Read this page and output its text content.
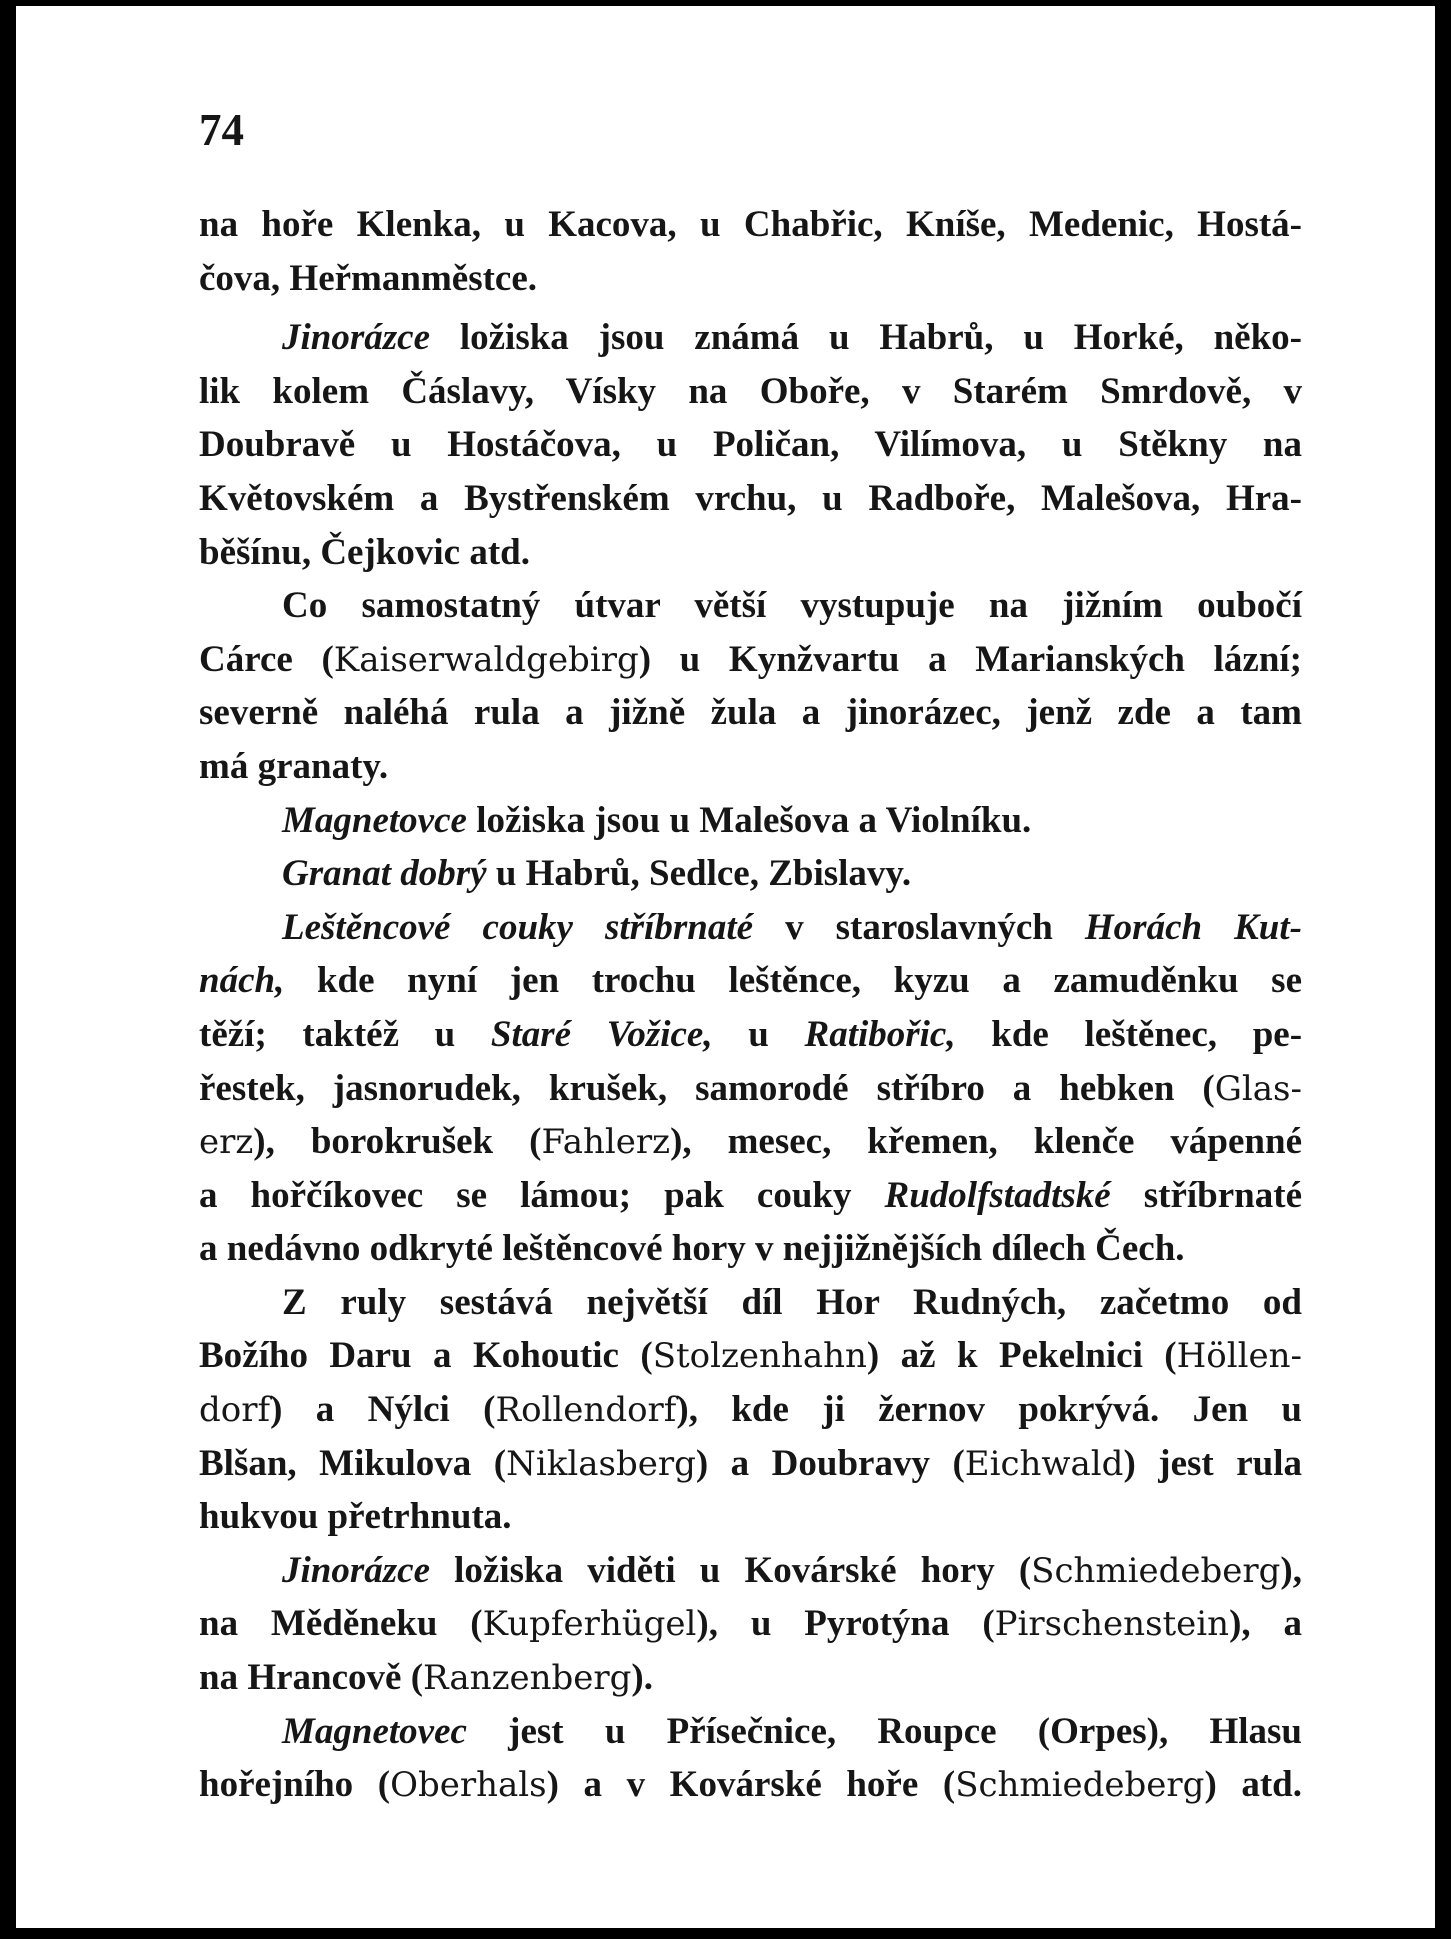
74
na hoře Klenka, u Kacova, u Chabřic, Kníše, Medenic, Hostá-
čova, Heřmanměstce.
Jinorázce ložiska jsou známá u Habrů, u Horké, něko-
lik kolem Čáslavy, Vísky na Oboře, v Starém Smrdově, v
Doubravě u Hostáčova, u Poličan, Vilímova, u Stěkny na
Květovském a Bystřenském vrchu, u Radboře, Malešova, Hra-
běšínu, Čejkovic atd.
Co samostatný útvar větší vystupuje na jižním oubočí
Cárce (Kaiserwaldgebirg) u Kynžvartu a Marianských lázní;
severně naléhá rula a jižně žula a jinorázec, jenž zde a tam
má granaty.
Magnetovce ložiska jsou u Malešova a Violníku.
Granat dobrý u Habrů, Sedlce, Zbislavy.
Leštěncové couky stříbrnaté v staroslavných Horách Kut-
nách, kde nyní jen trochu leštěnce, kyzu a zamuděnku se
těží; taktéž u Staré Vožice, u Ratibořic, kde leštěnec, pe-
řestek, jasnorudek, krušek, samorodé stříbro a hebken (Glas-
erz), borokrušek (Fahlerz), mesec, křemen, klenče vápenné
a hořčíkovec se lámou; pak couky Rudolfstadtské stříbrnaté
a nedávno odkryté leštěncové hory v nejjižnějších dílech Čech.
Z ruly sestává největší díl Hor Rudných, začetmo od
Božího Daru a Kohoutic (Stolzenhahn) až k Pekelnici (Höllen-
dorf) a Nýlci (Rollendorf), kde ji žernov pokrývá. Jen u
Blšan, Mikulova (Niklasberg) a Doubravy (Eichwald) jest rula
hukvou přetrhnuta.
Jinorázce ložiska viděti u Kovárské hory (Schmiedeberg),
na Měděneku (Kupferhügel), u Pyrotýna (Pirschenstein), a
na Hrancově (Ranzenberg).
Magnetovec jest u Přísečnice, Roupce (Orpes), Hlasu
hořejního (Oberhals) a v Kovárské hoře (Schmiedeberg) atd.
